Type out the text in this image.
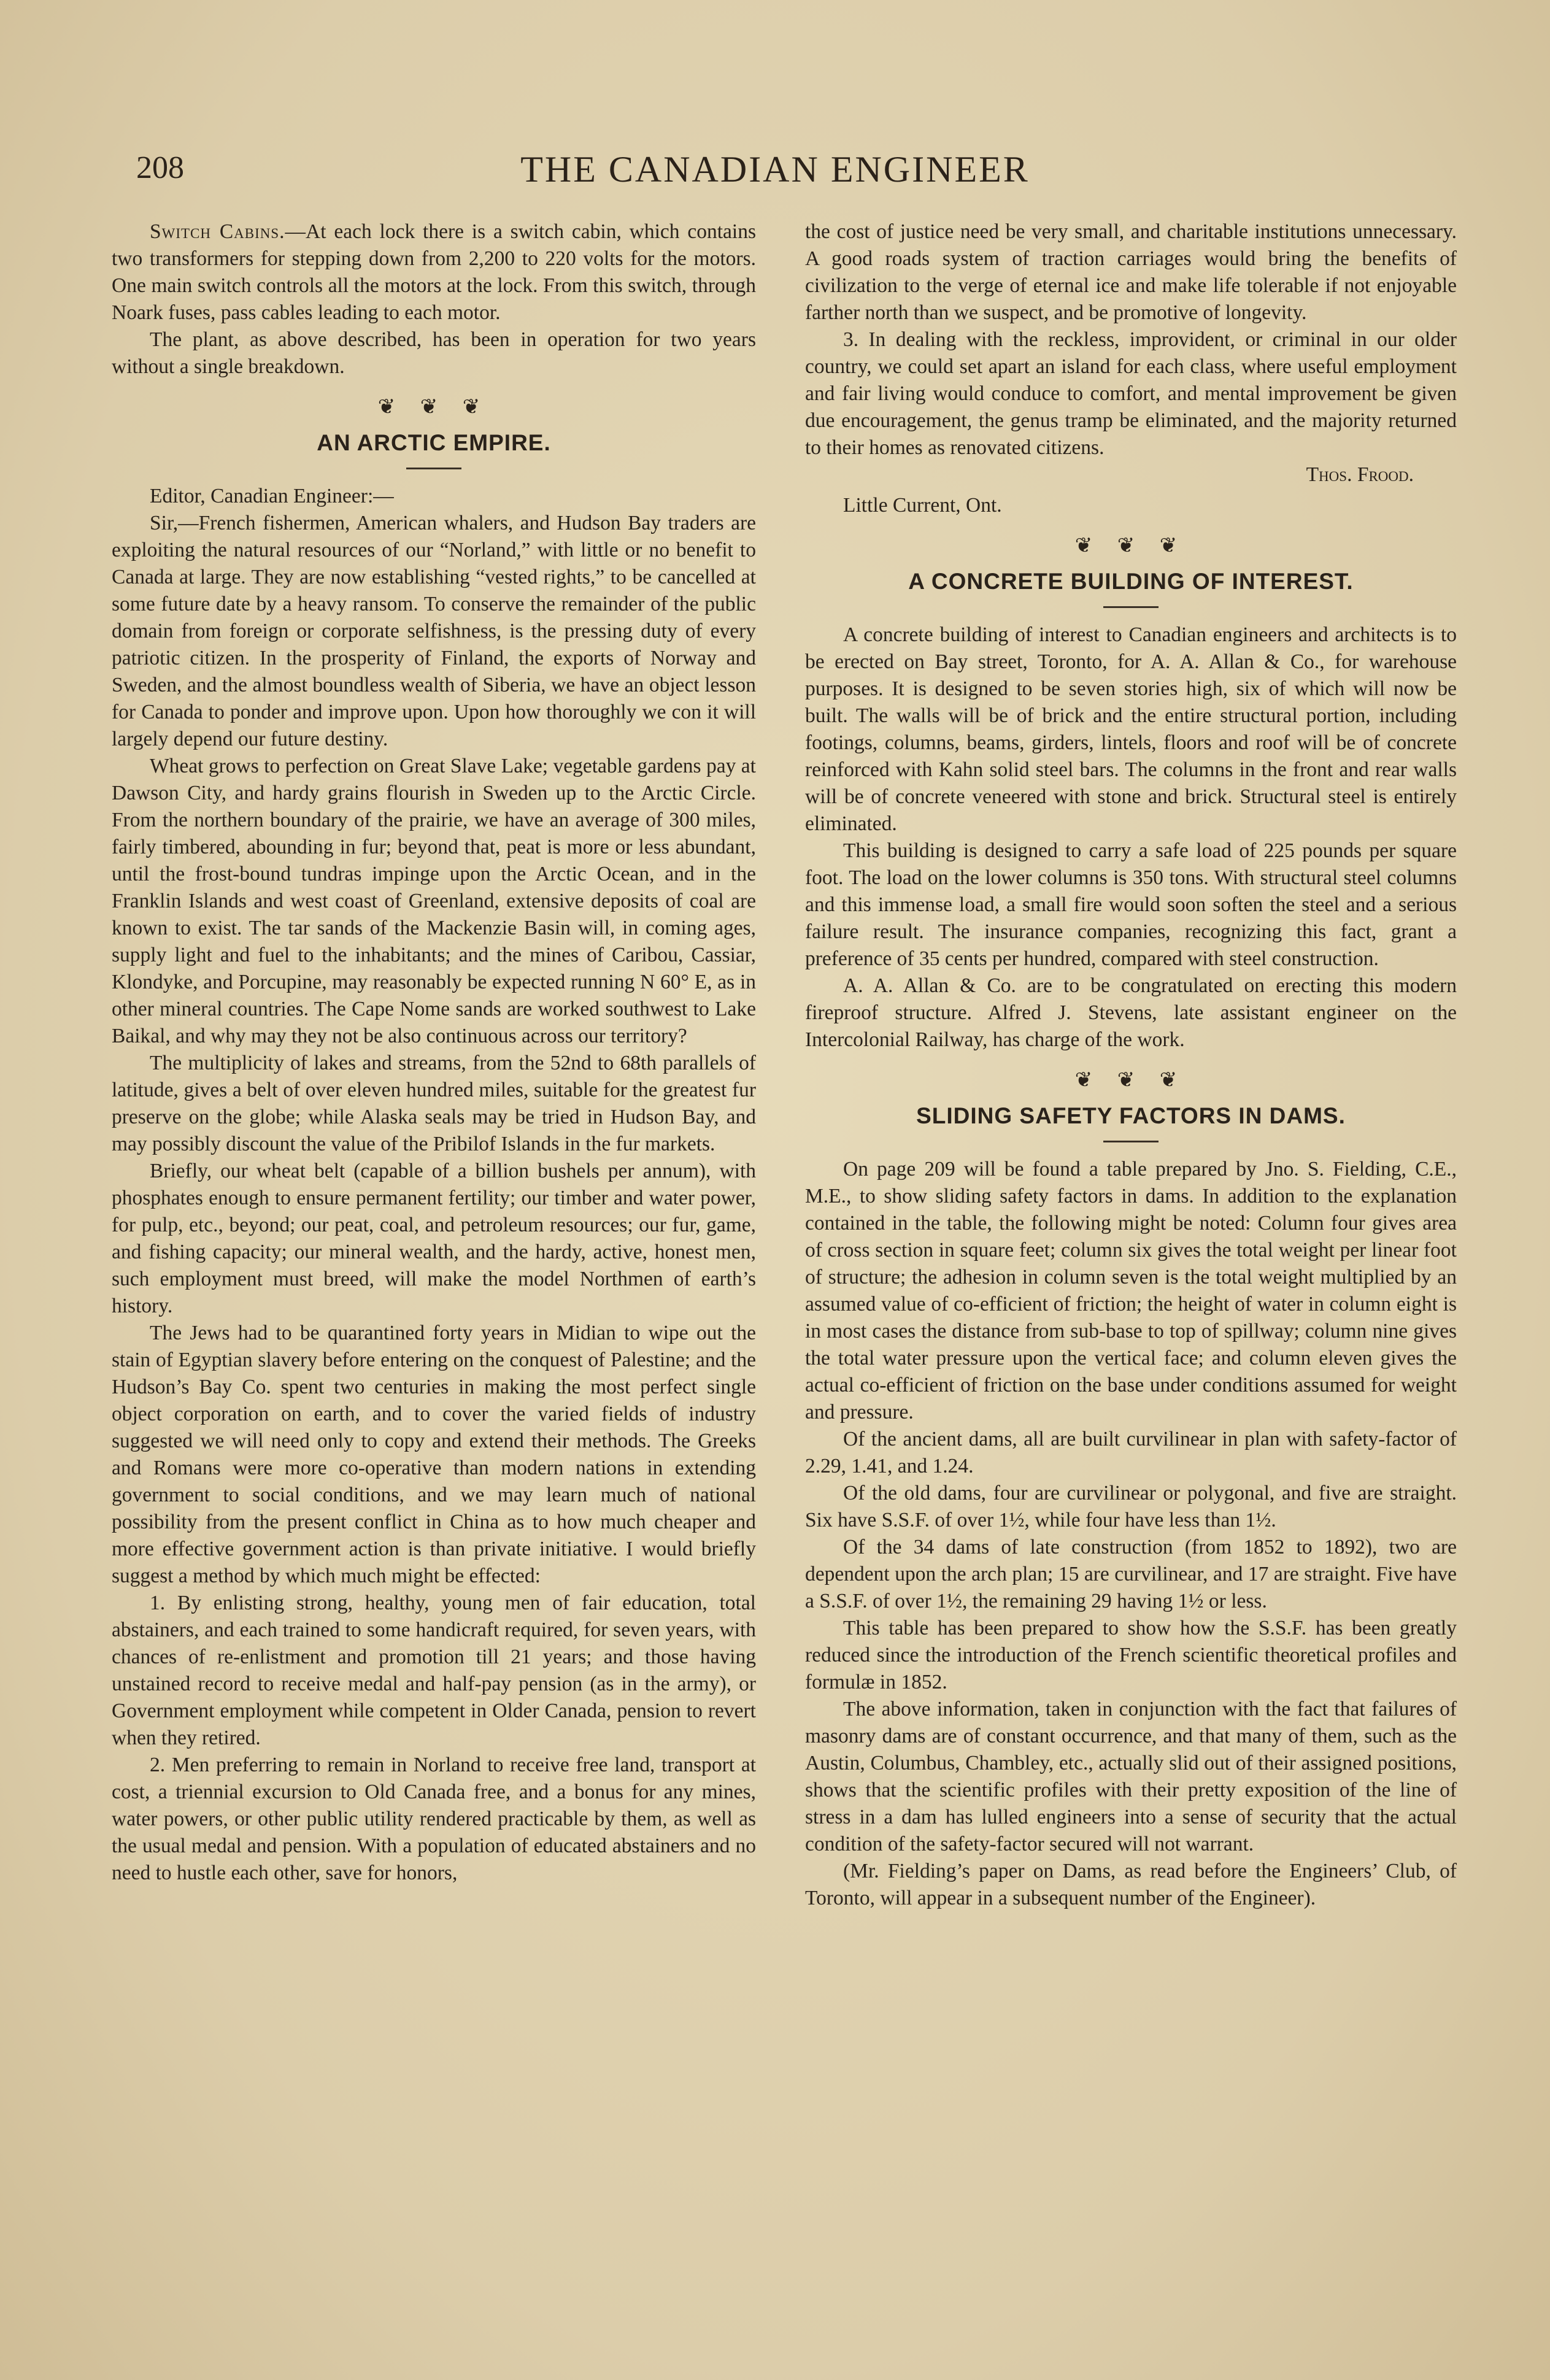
208	THE CANADIAN ENGINEER

Switch Cabins.—At each lock there is a switch cabin, which contains two transformers for stepping down from 2,200 to 220 volts for the motors. One main switch controls all the motors at the lock. From this switch, through Noark fuses, pass cables leading to each motor.

The plant, as above described, has been in operation for two years without a single breakdown.

❦ ❦ ❦
AN ARCTIC EMPIRE.

Editor, Canadian Engineer:—

Sir,—French fishermen, American whalers, and Hudson Bay traders are exploiting the natural resources of our “Norland,” with little or no benefit to Canada at large. They are now establishing “vested rights,” to be cancelled at some future date by a heavy ransom. To conserve the remainder of the public domain from foreign or corporate selfishness, is the pressing duty of every patriotic citizen. In the prosperity of Finland, the exports of Norway and Sweden, and the almost boundless wealth of Siberia, we have an object lesson for Canada to ponder and improve upon. Upon how thoroughly we con it will largely depend our future destiny.

Wheat grows to perfection on Great Slave Lake; vegetable gardens pay at Dawson City, and hardy grains flourish in Sweden up to the Arctic Circle. From the northern boundary of the prairie, we have an average of 300 miles, fairly timbered, abounding in fur; beyond that, peat is more or less abundant, until the frost-bound tundras impinge upon the Arctic Ocean, and in the Franklin Islands and west coast of Greenland, extensive deposits of coal are known to exist. The tar sands of the Mackenzie Basin will, in coming ages, supply light and fuel to the inhabitants; and the mines of Caribou, Cassiar, Klondyke, and Porcupine, may reasonably be expected running N 60° E, as in other mineral countries. The Cape Nome sands are worked southwest to Lake Baikal, and why may they not be also continuous across our territory?

The multiplicity of lakes and streams, from the 52nd to 68th parallels of latitude, gives a belt of over eleven hundred miles, suitable for the greatest fur preserve on the globe; while Alaska seals may be tried in Hudson Bay, and may possibly discount the value of the Pribilof Islands in the fur markets.

Briefly, our wheat belt (capable of a billion bushels per annum), with phosphates enough to ensure permanent fertility; our timber and water power, for pulp, etc., beyond; our peat, coal, and petroleum resources; our fur, game, and fishing capacity; our mineral wealth, and the hardy, active, honest men, such employment must breed, will make the model Northmen of earth’s history.

The Jews had to be quarantined forty years in Midian to wipe out the stain of Egyptian slavery before entering on the conquest of Palestine; and the Hudson’s Bay Co. spent two centuries in making the most perfect single object corporation on earth, and to cover the varied fields of industry suggested we will need only to copy and extend their methods. The Greeks and Romans were more co-operative than modern nations in extending government to social conditions, and we may learn much of national possibility from the present conflict in China as to how much cheaper and more effective government action is than private initiative. I would briefly suggest a method by which much might be effected:

1. By enlisting strong, healthy, young men of fair education, total abstainers, and each trained to some handicraft required, for seven years, with chances of re-enlistment and promotion till 21 years; and those having unstained record to receive medal and half-pay pension (as in the army), or Government employment while competent in Older Canada, pension to revert when they retired.

2. Men preferring to remain in Norland to receive free land, transport at cost, a triennial excursion to Old Canada free, and a bonus for any mines, water powers, or other public utility rendered practicable by them, as well as the usual medal and pension. With a population of educated abstainers and no need to hustle each other, save for honors,

the cost of justice need be very small, and charitable institutions unnecessary. A good roads system of traction carriages would bring the benefits of civilization to the verge of eternal ice and make life tolerable if not enjoyable farther north than we suspect, and be promotive of longevity.

3. In dealing with the reckless, improvident, or criminal in our older country, we could set apart an island for each class, where useful employment and fair living would conduce to comfort, and mental improvement be given due encouragement, the genus tramp be eliminated, and the majority returned to their homes as renovated citizens.

Thos. Frood.

Little Current, Ont.

❦ ❦ ❦
A CONCRETE BUILDING OF INTEREST.

A concrete building of interest to Canadian engineers and architects is to be erected on Bay street, Toronto, for A. A. Allan & Co., for warehouse purposes. It is designed to be seven stories high, six of which will now be built. The walls will be of brick and the entire structural portion, including footings, columns, beams, girders, lintels, floors and roof will be of concrete reinforced with Kahn solid steel bars. The columns in the front and rear walls will be of concrete veneered with stone and brick. Structural steel is entirely eliminated.

This building is designed to carry a safe load of 225 pounds per square foot. The load on the lower columns is 350 tons. With structural steel columns and this immense load, a small fire would soon soften the steel and a serious failure result. The insurance companies, recognizing this fact, grant a preference of 35 cents per hundred, compared with steel construction.

A. A. Allan & Co. are to be congratulated on erecting this modern fireproof structure. Alfred J. Stevens, late assistant engineer on the Intercolonial Railway, has charge of the work.

❦ ❦ ❦
SLIDING SAFETY FACTORS IN DAMS.

On page 209 will be found a table prepared by Jno. S. Fielding, C.E., M.E., to show sliding safety factors in dams. In addition to the explanation contained in the table, the following might be noted: Column four gives area of cross section in square feet; column six gives the total weight per linear foot of structure; the adhesion in column seven is the total weight multiplied by an assumed value of co-efficient of friction; the height of water in column eight is in most cases the distance from sub-base to top of spillway; column nine gives the total water pressure upon the vertical face; and column eleven gives the actual co-efficient of friction on the base under conditions assumed for weight and pressure.

Of the ancient dams, all are built curvilinear in plan with safety-factor of 2.29, 1.41, and 1.24.

Of the old dams, four are curvilinear or polygonal, and five are straight. Six have S.S.F. of over 1½, while four have less than 1½.

Of the 34 dams of late construction (from 1852 to 1892), two are dependent upon the arch plan; 15 are curvilinear, and 17 are straight. Five have a S.S.F. of over 1½, the remaining 29 having 1½ or less.

This table has been prepared to show how the S.S.F. has been greatly reduced since the introduction of the French scientific theoretical profiles and formulæ in 1852.

The above information, taken in conjunction with the fact that failures of masonry dams are of constant occurrence, and that many of them, such as the Austin, Columbus, Chambley, etc., actually slid out of their assigned positions, shows that the scientific profiles with their pretty exposition of the line of stress in a dam has lulled engineers into a sense of security that the actual condition of the safety-factor secured will not warrant.

(Mr. Fielding’s paper on Dams, as read before the Engineers’ Club, of Toronto, will appear in a subsequent number of the Engineer).
